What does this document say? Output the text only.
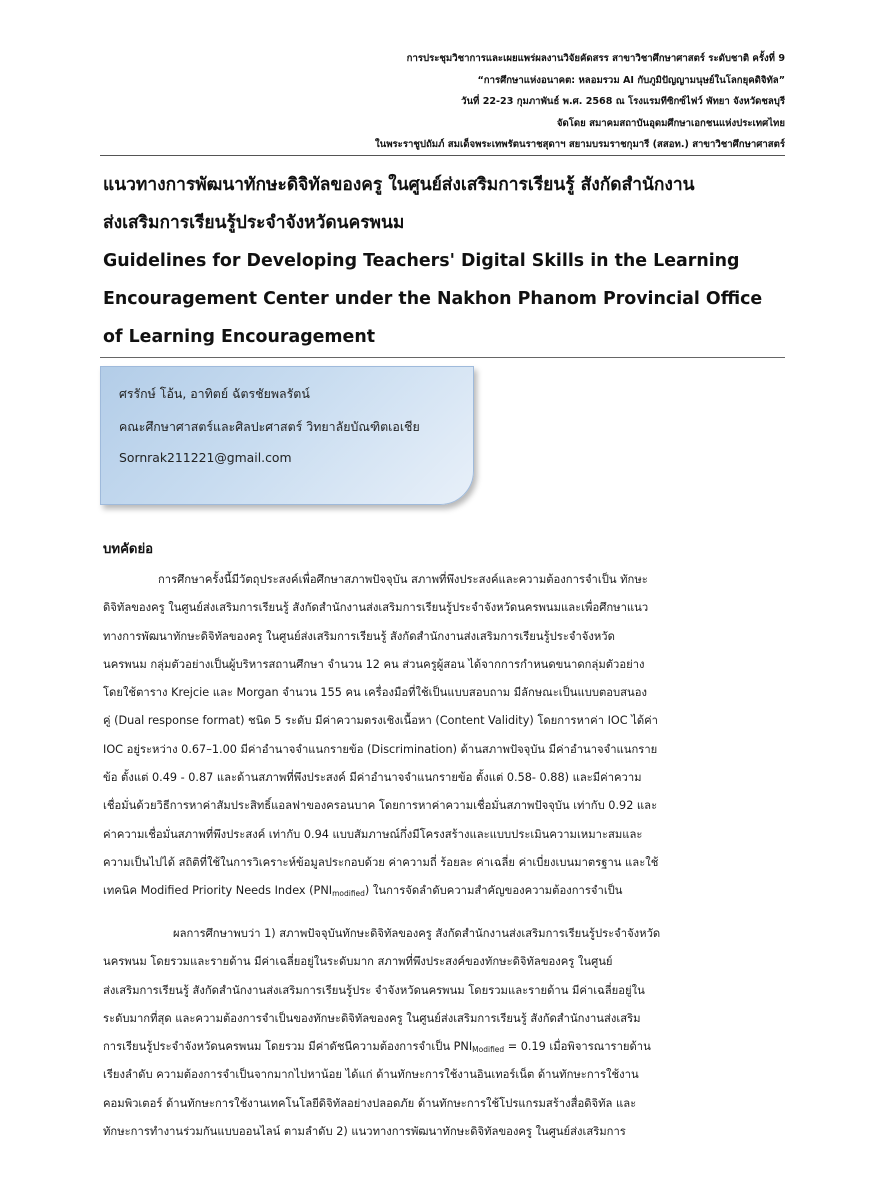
การประชุมวิชาการและเผยแพร่ผลงานวิจัยคัดสรร สาขาวิชาศึกษาศาสตร์ ระดับชาติ ครั้งที่ 9
“การศึกษาแห่งอนาคต: หลอมรวม AI กับภูมิปัญญามนุษย์ในโลกยุคดิจิทัล”
วันที่ 22-23 กุมภาพันธ์ พ.ศ. 2568 ณ โรงแรมทีซิกซ์ไฟว์ พัทยา จังหวัดชลบุรี
จัดโดย สมาคมสถาบันอุดมศึกษาเอกชนแห่งประเทศไทย
ในพระราชูปถัมภ์ สมเด็จพระเทพรัตนราชสุดาฯ สยามบรมราชกุมารี (สสอท.) สาขาวิชาศึกษาศาสตร์
แนวทางการพัฒนาทักษะดิจิทัลของครู ในศูนย์ส่งเสริมการเรียนรู้ สังกัดสำนักงาน
ส่งเสริมการเรียนรู้ประจำจังหวัดนครพนม
Guidelines for Developing Teachers' Digital Skills in the Learning
Encouragement Center under the Nakhon Phanom Provincial Office
of Learning Encouragement
ศรรักษ์ โอ้น, อาทิตย์ ฉัตรชัยพลรัตน์
คณะศึกษาศาสตร์และศิลปะศาสตร์ วิทยาลัยบัณฑิตเอเชีย
Sornrak211221@gmail.com
บทคัดย่อ
การศึกษาครั้งนี้มีวัตถุประสงค์เพื่อศึกษาสภาพปัจจุบัน สภาพที่พึงประสงค์และความต้องการจำเป็น ทักษะ
ดิจิทัลของครู ในศูนย์ส่งเสริมการเรียนรู้ สังกัดสำนักงานส่งเสริมการเรียนรู้ประจำจังหวัดนครพนมและเพื่อศึกษาแนว
ทางการพัฒนาทักษะดิจิทัลของครู ในศูนย์ส่งเสริมการเรียนรู้ สังกัดสำนักงานส่งเสริมการเรียนรู้ประจำจังหวัด
นครพนม กลุ่มตัวอย่างเป็นผู้บริหารสถานศึกษา จำนวน 12 คน ส่วนครูผู้สอน ได้จากการกำหนดขนาดกลุ่มตัวอย่าง
โดยใช้ตาราง Krejcie และ Morgan จำนวน 155 คน เครื่องมือที่ใช้เป็นแบบสอบถาม มีลักษณะเป็นแบบตอบสนอง
คู่ (Dual response format) ชนิด 5 ระดับ มีค่าความตรงเชิงเนื้อหา (Content Validity) โดยการหาค่า IOC ได้ค่า
IOC อยู่ระหว่าง 0.67–1.00 มีค่าอำนาจจำแนกรายข้อ (Discrimination) ด้านสภาพปัจจุบัน มีค่าอำนาจจำแนกราย
ข้อ ตั้งแต่ 0.49 - 0.87 และด้านสภาพที่พึงประสงค์ มีค่าอำนาจจำแนกรายข้อ ตั้งแต่ 0.58- 0.88) และมีค่าความ
เชื่อมั่นด้วยวิธีการหาค่าสัมประสิทธิ์แอลฟาของครอนบาค โดยการหาค่าความเชื่อมั่นสภาพปัจจุบัน เท่ากับ 0.92 และ
ค่าความเชื่อมั่นสภาพที่พึงประสงค์ เท่ากับ 0.94 แบบสัมภาษณ์กึ่งมีโครงสร้างและแบบประเมินความเหมาะสมและ
ความเป็นไปได้ สถิติที่ใช้ในการวิเคราะห์ข้อมูลประกอบด้วย ค่าความถี่ ร้อยละ ค่าเฉลี่ย ค่าเบี่ยงเบนมาตรฐาน และใช้
เทคนิค Modified Priority Needs Index $(PNI_{modified})$ ในการจัดลำดับความสำคัญของความต้องการจำเป็น
ผลการศึกษาพบว่า 1) สภาพปัจจุบันทักษะดิจิทัลของครู สังกัดสำนักงานส่งเสริมการเรียนรู้ประจำจังหวัด
นครพนม โดยรวมและรายด้าน มีค่าเฉลี่ยอยู่ในระดับมาก สภาพที่พึงประสงค์ของทักษะดิจิทัลของครู ในศูนย์
ส่งเสริมการเรียนรู้ สังกัดสำนักงานส่งเสริมการเรียนรู้ประ จำจังหวัดนครพนม โดยรวมและรายด้าน มีค่าเฉลี่ยอยู่ใน
ระดับมากที่สุด และความต้องการจำเป็นของทักษะดิจิทัลของครู ในศูนย์ส่งเสริมการเรียนรู้ สังกัดสำนักงานส่งเสริม
การเรียนรู้ประจำจังหวัดนครพนม โดยรวม มีค่าดัชนีความต้องการจำเป็น $PNI_{Modified} = 0.19$ เมื่อพิจารณารายด้าน
เรียงลำดับ ความต้องการจำเป็นจากมากไปหาน้อย ได้แก่ ด้านทักษะการใช้งานอินเทอร์เน็ต ด้านทักษะการใช้งาน
คอมพิวเตอร์ ด้านทักษะการใช้งานเทคโนโลยีดิจิทัลอย่างปลอดภัย ด้านทักษะการใช้โปรแกรมสร้างสื่อดิจิทัล และ
ทักษะการทำงานร่วมกันแบบออนไลน์ ตามลำดับ 2) แนวทางการพัฒนาทักษะดิจิทัลของครู ในศูนย์ส่งเสริมการ
